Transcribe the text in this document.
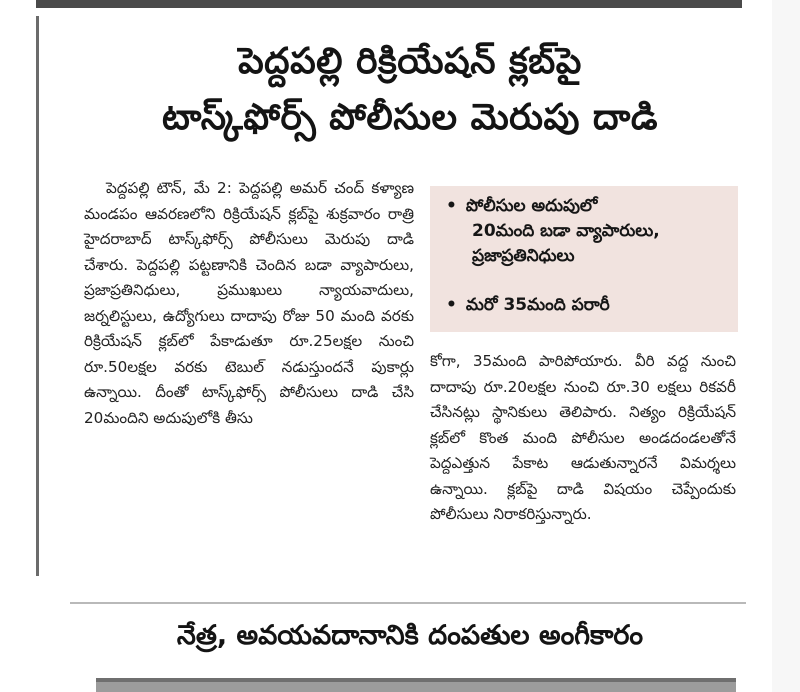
పెద్దపల్లి రిక్రియేషన్ క్లబ్‌పై
టాస్క్‌ఫోర్స్ పోలీసుల మెరుపు దాడి

పెద్దపల్లి టౌన్, మే 2: పెద్దపల్లి అమర్ చంద్ కళ్యాణ మండపం ఆవరణలోని రిక్రియేషన్ క్లబ్‌పై శుక్రవారం రాత్రి హైదరాబాద్ టాస్క్‌ఫోర్స్ పోలీసులు మెరుపు దాడి చేశారు. పెద్దపల్లి పట్టణానికి చెందిన బడా వ్యాపారులు, ప్రజాప్రతినిధులు, ప్రముఖులు న్యాయవాదులు, జర్నలిస్టులు, ఉద్యోగులు దాదాపు రోజు 50 మంది వరకు రిక్రియేషన్ క్లబ్‌లో పేకాడుతూ రూ.25లక్షల నుంచి రూ.50లక్షల వరకు టెబుల్ నడుస్తుందనే పుకార్లు ఉన్నాయి. దీంతో టాస్క్‌ఫోర్స్ పోలీసులు దాడి చేసి 20మందిని అదుపులోకి తీసు

• పోలీసుల అదుపులో
20మంది బడా వ్యాపారులు,
ప్రజాప్రతినిధులు
• మరో 35మంది పరారీ

కోగా, 35మంది పారిపోయారు. వీరి వద్ద నుంచి దాదాపు రూ.20లక్షల నుంచి రూ.30 లక్షలు రికవరీ చేసినట్లు స్థానికులు తెలిపారు. నిత్యం రిక్రియేషన్ క్లబ్‌లో కొంత మంది పోలీసుల అండదండలతోనే పెద్దఎత్తున పేకాట ఆడుతున్నారనే విమర్శలు ఉన్నాయి. క్లబ్‌పై దాడి విషయం చెప్పేందుకు పోలీసులు నిరాకరిస్తున్నారు.

నేత్ర, అవయవదానానికి దంపతుల అంగీకారం
